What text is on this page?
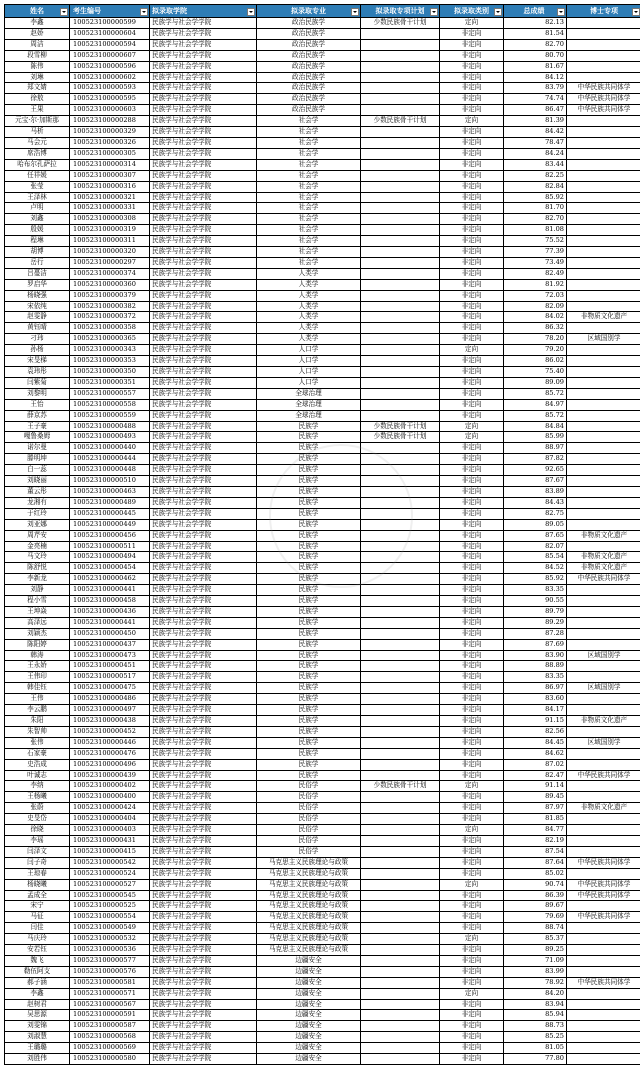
姓名	考生编号	拟录取学院	拟录取专业	拟录取专项计划	拟录取类别	总成绩	博士专项

李鑫	100523100000599	民族学与社会学学院	政治民族学	少数民族骨干计划	定向	82.13	
赵娇	100523100000604	民族学与社会学学院	政治民族学		非定向	81.54	
周洁	100523100000594	民族学与社会学学院	政治民族学		非定向	82.70	
段雪柳	100523100000607	民族学与社会学学院	政治民族学		非定向	80.70	
陈伟	100523100000596	民族学与社会学学院	政治民族学		非定向	81.67	
刘琳	100523100000602	民族学与社会学学院	政治民族学		非定向	84.12	
郑文婧	100523100000593	民族学与社会学学院	政治民族学		非定向	83.79	中华民族共同体学
徐敖	100523100000595	民族学与社会学学院	政治民族学		非定向	74.74	中华民族共同体学
王果	100523100000603	民族学与社会学学院	政治民族学		非定向	86.47	中华民族共同体学
元宝·尔·加斯那	100523100000288	民族学与社会学学院	社会学	少数民族骨干计划	定向	81.39	
马析	100523100000329	民族学与社会学学院	社会学		非定向	84.42	
马会元	100523100000326	民族学与社会学学院	社会学		非定向	78.47	
席浩博	100523100000305	民族学与社会学学院	社会学		非定向	84.24	
哈布尔孔萨拉	100523100000314	民族学与社会学学院	社会学		非定向	83.44	
任祥媛	100523100000307	民族学与社会学学院	社会学		非定向	82.25	
张莹	100523100000316	民族学与社会学学院	社会学		非定向	82.84	
王泽林	100523100000321	民族学与社会学学院	社会学		非定向	85.92	
卢明	100523100000331	民族学与社会学学院	社会学		非定向	81.70	
刘鑫	100523100000308	民族学与社会学学院	社会学		非定向	82.70	
殷媛	100523100000319	民族学与社会学学院	社会学		非定向	81.08	
程琳	100523100000311	民族学与社会学学院	社会学		非定向	75.52	
胡博	100523100000320	民族学与社会学学院	社会学		非定向	77.39	
岳行	100523100000297	民族学与社会学学院	社会学		非定向	73.49	
吕蔓洁	100523100000374	民族学与社会学学院	人类学		非定向	82.49	
罗启华	100523100000360	民族学与社会学学院	人类学		非定向	81.92	
杨晓强	100523100000379	民族学与社会学学院	人类学		非定向	72.03	
宋依纯	100523100000382	民族学与社会学学院	人类学		非定向	82.09	
赵雯静	100523100000372	民族学与社会学学院	人类学		非定向	84.02	非物质文化遗产
黄钰晴	100523100000358	民族学与社会学学院	人类学		非定向	86.32	
刁玮	100523100000365	民族学与社会学学院	人类学		非定向	78.20	区域国别学
孙杨	100523100000343	民族学与社会学学院	人口学		定向	79.20	
宋旻梯	100523100000353	民族学与社会学学院	人口学		非定向	86.02	
袁玮彤	100523100000350	民族学与社会学学院	人口学		非定向	75.40	
闫紫菊	100523100000351	民族学与社会学学院	人口学		非定向	89.09	
刘黎明	100523100000557	民族学与社会学学院	全球治理		非定向	85.72	
王怡	100523100000558	民族学与社会学学院	全球治理		非定向	84.97	
薛京苏	100523100000559	民族学与社会学学院	全球治理		非定向	85.72	
王子豪	100523100000488	民族学与社会学学院	民族学	少数民族骨干计划	定向	84.84	
嘎鲁桑姆	100523100000493	民族学与社会学学院	民族学	少数民族骨干计划	定向	85.99	
诺尔曼	100523100000440	民族学与社会学学院	民族学		非定向	88.97	
滕明坤	100523100000444	民族学与社会学学院	民族学		非定向	87.82	
白一蕊	100523100000448	民族学与社会学学院	民族学		非定向	92.65	
刘晓丽	100523100000510	民族学与社会学学院	民族学		非定向	87.67	
董云彤	100523100000463	民族学与社会学学院	民族学		非定向	83.89	
龙湘有	100523100000489	民族学与社会学学院	民族学		非定向	84.43	
于红玲	100523100000445	民族学与社会学学院	民族学		非定向	82.75	
刘亚娜	100523100000449	民族学与社会学学院	民族学		非定向	89.05	
周芹安	100523100000456	民族学与社会学学院	民族学		非定向	87.65	非物质文化遗产
金亮楠	100523100000511	民族学与社会学学院	民族学		非定向	82.07	
马文玲	100523100000494	民族学与社会学学院	民族学		非定向	85.54	非物质文化遗产
陈舒悦	100523100000454	民族学与社会学学院	民族学		非定向	84.52	非物质文化遗产
李新龙	100523100000462	民族学与社会学学院	民族学		非定向	85.92	中华民族共同体学
刘静	100523100000441	民族学与社会学学院	民族学		非定向	83.35	
程小雪	100523100000458	民族学与社会学学院	民族学		非定向	90.55	
王坤焱	100523100000436	民族学与社会学学院	民族学		非定向	89.79	
高泽远	100523100000441	民族学与社会学学院	民族学		非定向	89.29	
刘颖杰	100523100000450	民族学与社会学学院	民族学		非定向	87.28	
陈阳婷	100523100000437	民族学与社会学学院	民族学		非定向	87.69	
韩涛	100523100000473	民族学与社会学学院	民族学		非定向	83.90	区域国别学
王永娇	100523100000451	民族学与社会学学院	民族学		非定向	88.89	
王伟印	100523100000517	民族学与社会学学院	民族学		非定向	83.35	
韩佳钰	100523100000475	民族学与社会学学院	民族学		非定向	86.97	区域国别学
王伟	100523100000486	民族学与社会学学院	民族学		非定向	83.60	
李云鹏	100523100000497	民族学与社会学学院	民族学		非定向	84.17	
朱阳	100523100000438	民族学与社会学学院	民族学		非定向	91.15	非物质文化遗产
朱智帅	100523100000452	民族学与社会学学院	民族学		非定向	82.56	
张伟	100523100000446	民族学与社会学学院	民族学		非定向	84.45	区域国别学
石家豪	100523100000476	民族学与社会学学院	民族学		非定向	84.62	
史浩成	100523100000496	民族学与社会学学院	民族学		非定向	87.02	
叶诚志	100523100000439	民族学与社会学学院	民族学		非定向	82.47	中华民族共同体学
李纳	100523100000402	民族学与社会学学院	民俗学	少数民族骨干计划	定向	91.14	
王杨曦	100523100000400	民族学与社会学学院	民俗学		非定向	89.45	
张蔚	100523100000424	民族学与社会学学院	民俗学		非定向	87.97	非物质文化遗产
史旻岱	100523100000404	民族学与社会学学院	民俗学		非定向	81.85	
徐晓	100523100000403	民族学与社会学学院	民俗学		定向	84.77	
李瑶	100523100000431	民族学与社会学学院	民俗学		非定向	82.19	
闫泽文	100523100000415	民族学与社会学学院	民俗学		非定向	87.54	
闫子奇	100523100000542	民族学与社会学学院	马克思主义民族理论与政策		非定向	87.64	中华民族共同体学
王琼春	100523100000524	民族学与社会学学院	马克思主义民族理论与政策		非定向	85.02	
杨晓曦	100523100000527	民族学与社会学学院	马克思主义民族理论与政策		定向	90.74	中华民族共同体学
孟成全	100523100000545	民族学与社会学学院	马克思主义民族理论与政策		非定向	86.39	中华民族共同体学
宋宁	100523100000525	民族学与社会学学院	马克思主义民族理论与政策		非定向	89.67	
马征	100523100000554	民族学与社会学学院	马克思主义民族理论与政策		非定向	79.69	中华民族共同体学
闫佳	100523100000549	民族学与社会学学院	马克思主义民族理论与政策		非定向	88.74	
马庆玲	100523100000532	民族学与社会学学院	马克思主义民族理论与政策		定向	85.37	
安若钰	100523100000536	民族学与社会学学院	马克思主义民族理论与政策		非定向	89.25	
魏飞	100523100000577	民族学与社会学学院	边疆安全		非定向	71.09	
勒伍阿支	100523100000576	民族学与社会学学院	边疆安全		非定向	83.99	
郝子涵	100523100000581	民族学与社会学学院	边疆安全		非定向	78.92	中华民族共同体学
李鑫	100523100000571	民族学与社会学学院	边疆安全		定向	84.20	
赵树君	100523100000567	民族学与社会学学院	边疆安全		非定向	83.94	
吴思源	100523100000591	民族学与社会学学院	边疆安全		非定向	85.94	
刘雯锦	100523100000587	民族学与社会学学院	边疆安全		非定向	88.73	
刘淑慧	100523100000568	民族学与社会学学院	边疆安全		非定向	85.25	
王璐璐	100523100000569	民族学与社会学学院	边疆安全		非定向	81.05	
刘胜伟	100523100000580	民族学与社会学学院	边疆安全		非定向	77.80	
